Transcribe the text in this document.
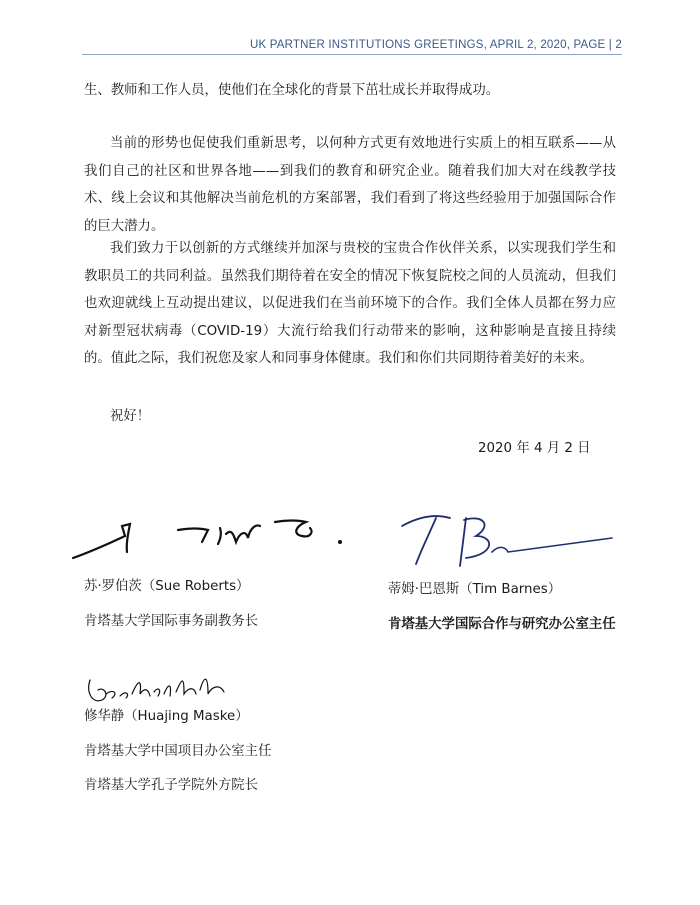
UK PARTNER INSTITUTIONS GREETINGS, APRIL 2, 2020, PAGE | 2

生、教师和工作人员，使他们在全球化的背景下茁壮成长并取得成功。

当前的形势也促使我们重新思考，以何种方式更有效地进行实质上的相互联系——从我们自己的社区和世界各地——到我们的教育和研究企业。随着我们加大对在线教学技术、线上会议和其他解决当前危机的方案部署，我们看到了将这些经验用于加强国际合作的巨大潜力。

我们致力于以创新的方式继续并加深与贵校的宝贵合作伙伴关系，以实现我们学生和教职员工的共同利益。虽然我们期待着在安全的情况下恢复院校之间的人员流动，但我们也欢迎就线上互动提出建议，以促进我们在当前环境下的合作。我们全体人员都在努力应对新型冠状病毒（COVID-19）大流行给我们行动带来的影响，这种影响是直接且持续的。值此之际，我们祝您及家人和同事身体健康。我们和你们共同期待着美好的未来。

祝好！
2020 年 4 月 2 日
苏·罗伯茨（Sue Roberts）
肯塔基大学国际事务副教务长
蒂姆·巴恩斯（Tim Barnes）
肯塔基大学国际合作与研究办公室主任
修华静（Huajing Maske）
肯塔基大学中国项目办公室主任
肯塔基大学孔子学院外方院长
